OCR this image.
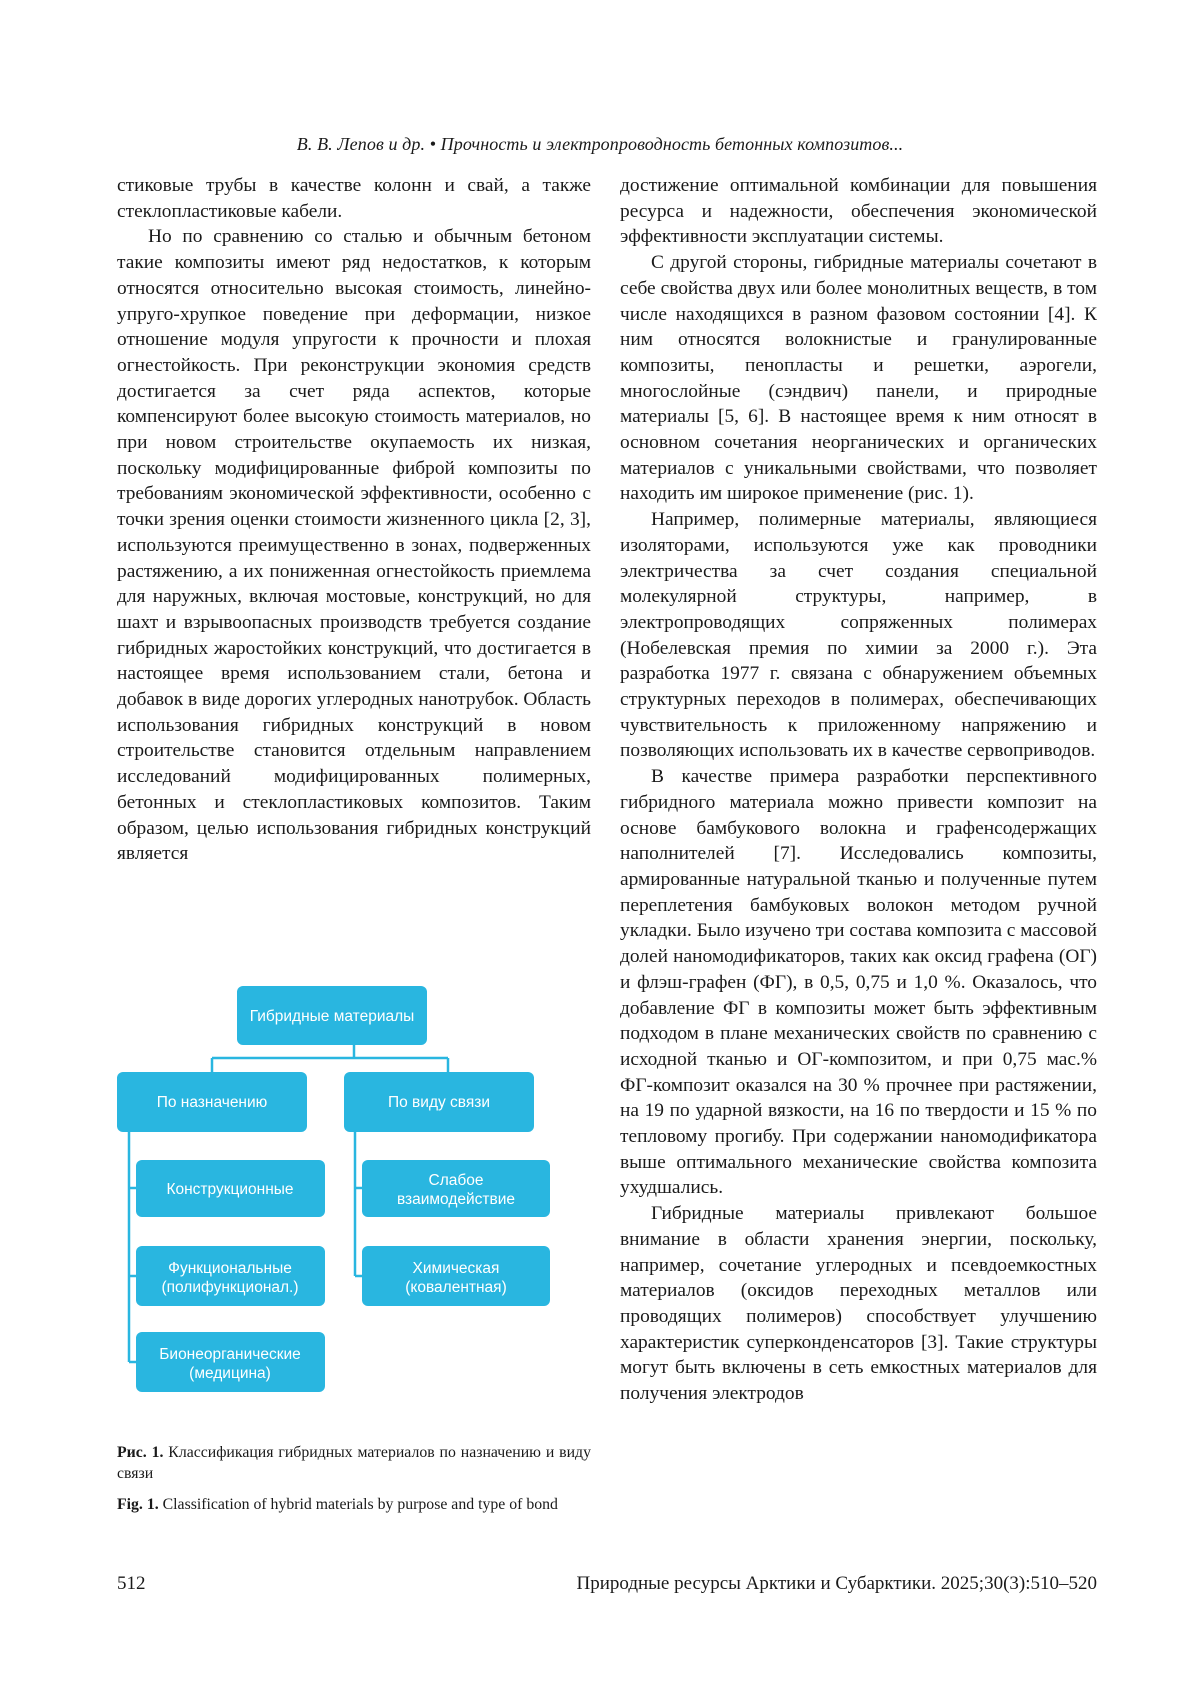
В. В. Лепов и др. • Прочность и электропроводность бетонных композитов...

стиковые трубы в качестве колонн и свай, а также стеклопластиковые кабели.

Но по сравнению со сталью и обычным бетоном такие композиты имеют ряд недостатков, к которым относятся относительно высокая стоимость, линейно-упруго-хрупкое поведение при деформации, низкое отношение модуля упругости к прочности и плохая огнестойкость. При реконструкции экономия средств достигается за счет ряда аспектов, которые компенсируют более высокую стоимость материалов, но при новом строительстве окупаемость их низкая, поскольку модифицированные фиброй композиты по требованиям экономической эффективности, особенно с точки зрения оценки стоимости жизненного цикла [2, 3], используются преимущественно в зонах, подверженных растяжению, а их пониженная огнестойкость приемлема для наружных, включая мостовые, конструкций, но для шахт и взрывоопасных производств требуется создание гибридных жаростойких конструкций, что достигается в настоящее время использованием стали, бетона и добавок в виде дорогих углеродных нанотрубок. Область использования гибридных конструкций в новом строительстве становится отдельным направлением исследований модифицированных полимерных, бетонных и стеклопластиковых композитов. Таким образом, целью использования гибридных конструкций является

Гибридные материалы
По назначению	По виду связи
Конструкционные
Функциональные
(полифункционал.)
Бионеорганические
(медицина)
Слабое
взаимодействие
Химическая
(ковалентная)
Рис. 1. Классификация гибридных материалов по назначению и виду связи
Fig. 1. Classification of hybrid materials by purpose and type of bond

достижение оптимальной комбинации для повышения ресурса и надежности, обеспечения экономической эффективности эксплуатации системы.

С другой стороны, гибридные материалы сочетают в себе свойства двух или более монолитных веществ, в том числе находящихся в разном фазовом состоянии [4]. К ним относятся волокнистые и гранулированные композиты, пенопласты и решетки, аэрогели, многослойные (сэндвич) панели, и природные материалы [5, 6]. В настоящее время к ним относят в основном сочетания неорганических и органических материалов с уникальными свойствами, что позволяет находить им широкое применение (рис. 1).

Например, полимерные материалы, являющиеся изоляторами, используются уже как проводники электричества за счет создания специальной молекулярной структуры, например, в электропроводящих сопряженных полимерах (Нобелевская премия по химии за 2000 г.). Эта разработка 1977 г. связана с обнаружением объемных структурных переходов в полимерах, обеспечивающих чувствительность к приложенному напряжению и позволяющих использовать их в качестве сервоприводов.

В качестве примера разработки перспективного гибридного материала можно привести композит на основе бамбукового волокна и графенсодержащих наполнителей [7]. Исследовались композиты, армированные натуральной тканью и полученные путем переплетения бамбуковых волокон методом ручной укладки. Было изучено три состава композита с массовой долей наномодификаторов, таких как оксид графена (ОГ) и флэш-графен (ФГ), в 0,5, 0,75 и 1,0 %. Оказалось, что добавление ФГ в композиты может быть эффективным подходом в плане механических свойств по сравнению с исходной тканью и ОГ-композитом, и при 0,75 мас.% ФГ-композит оказался на 30 % прочнее при растяжении, на 19 по ударной вязкости, на 16 по твердости и 15 % по тепловому прогибу. При содержании наномодификатора выше оптимального механические свойства композита ухудшались.

Гибридные материалы привлекают большое внимание в области хранения энергии, поскольку, например, сочетание углеродных и псевдоемкостных материалов (оксидов переходных металлов или проводящих полимеров) способствует улучшению характеристик суперконденсаторов [3]. Такие структуры могут быть включены в сеть емкостных материалов для получения электродов

512	Природные ресурсы Арктики и Субарктики. 2025;30(3):510–520
